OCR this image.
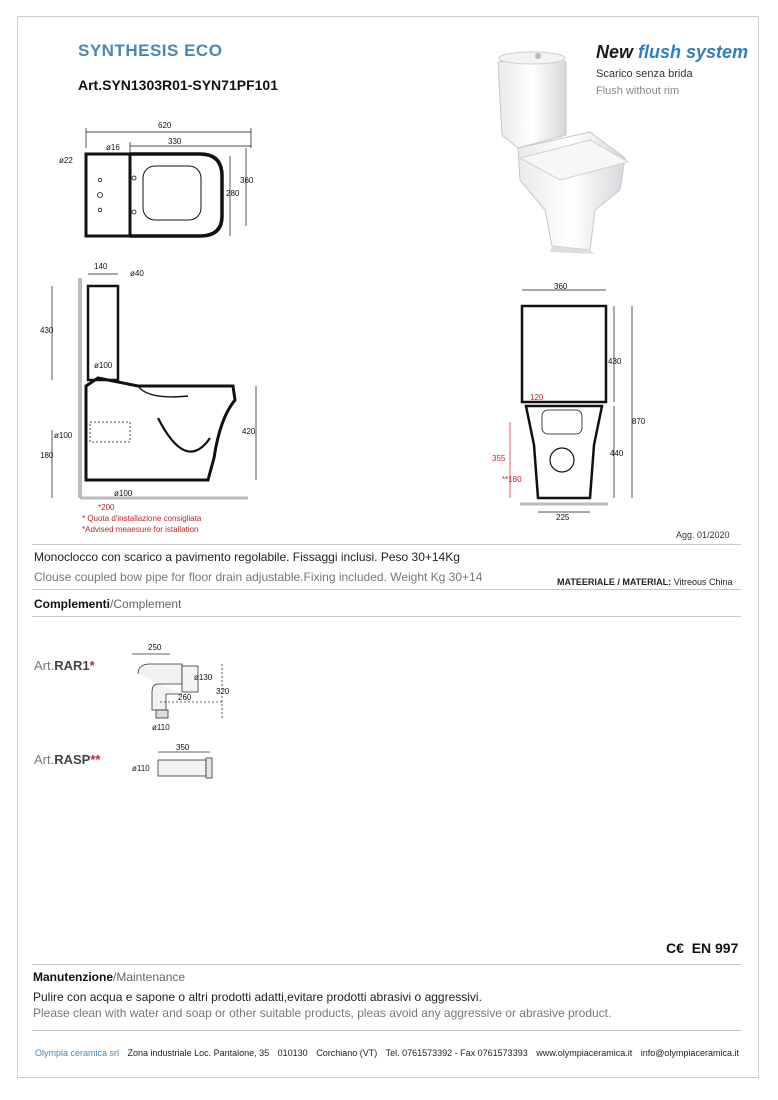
SYNTHESIS ECO
Art.SYN1303R01-SYN71PF101
New flush system
Scarico senza brida
Flush without rim
620
330
ø16
ø22
360
280
140
ø40
430
ø100
420
ø100
180
ø100
*200
* Quota d'installazione consigliata
*Advised meaesure for istallation
360
430
870
120
440
355
**180
225
Agg. 01/2020
Monoclocco con scarico a pavimento regolabile. Fissaggi inclusi. Peso 30+14Kg
Clouse coupled bow pipe for floor drain adjustable.Fixing included. Weight Kg 30+14	MATEERIALE / MATERIAL: Vitreous China
Complementi/Complement
Art.RAR1*
250
ø130
320
260
ø110
Art.RASP**
350
ø110
C€ EN 997
Manutenzione/Maintenance
Pulire con acqua e sapone o altri prodotti adatti,evitare prodotti abrasivi o aggressivi.
Please clean with water and soap or other suitable products, pleas avoid any aggressive or abrasive product.
Olympia ceramica srl Zona industriale Loc. Pantalone, 35 010130 Corchiano (VT) Tel. 0761573392 - Fax 0761573393 www.olympiaceramica.it info@olympiaceramica.it
